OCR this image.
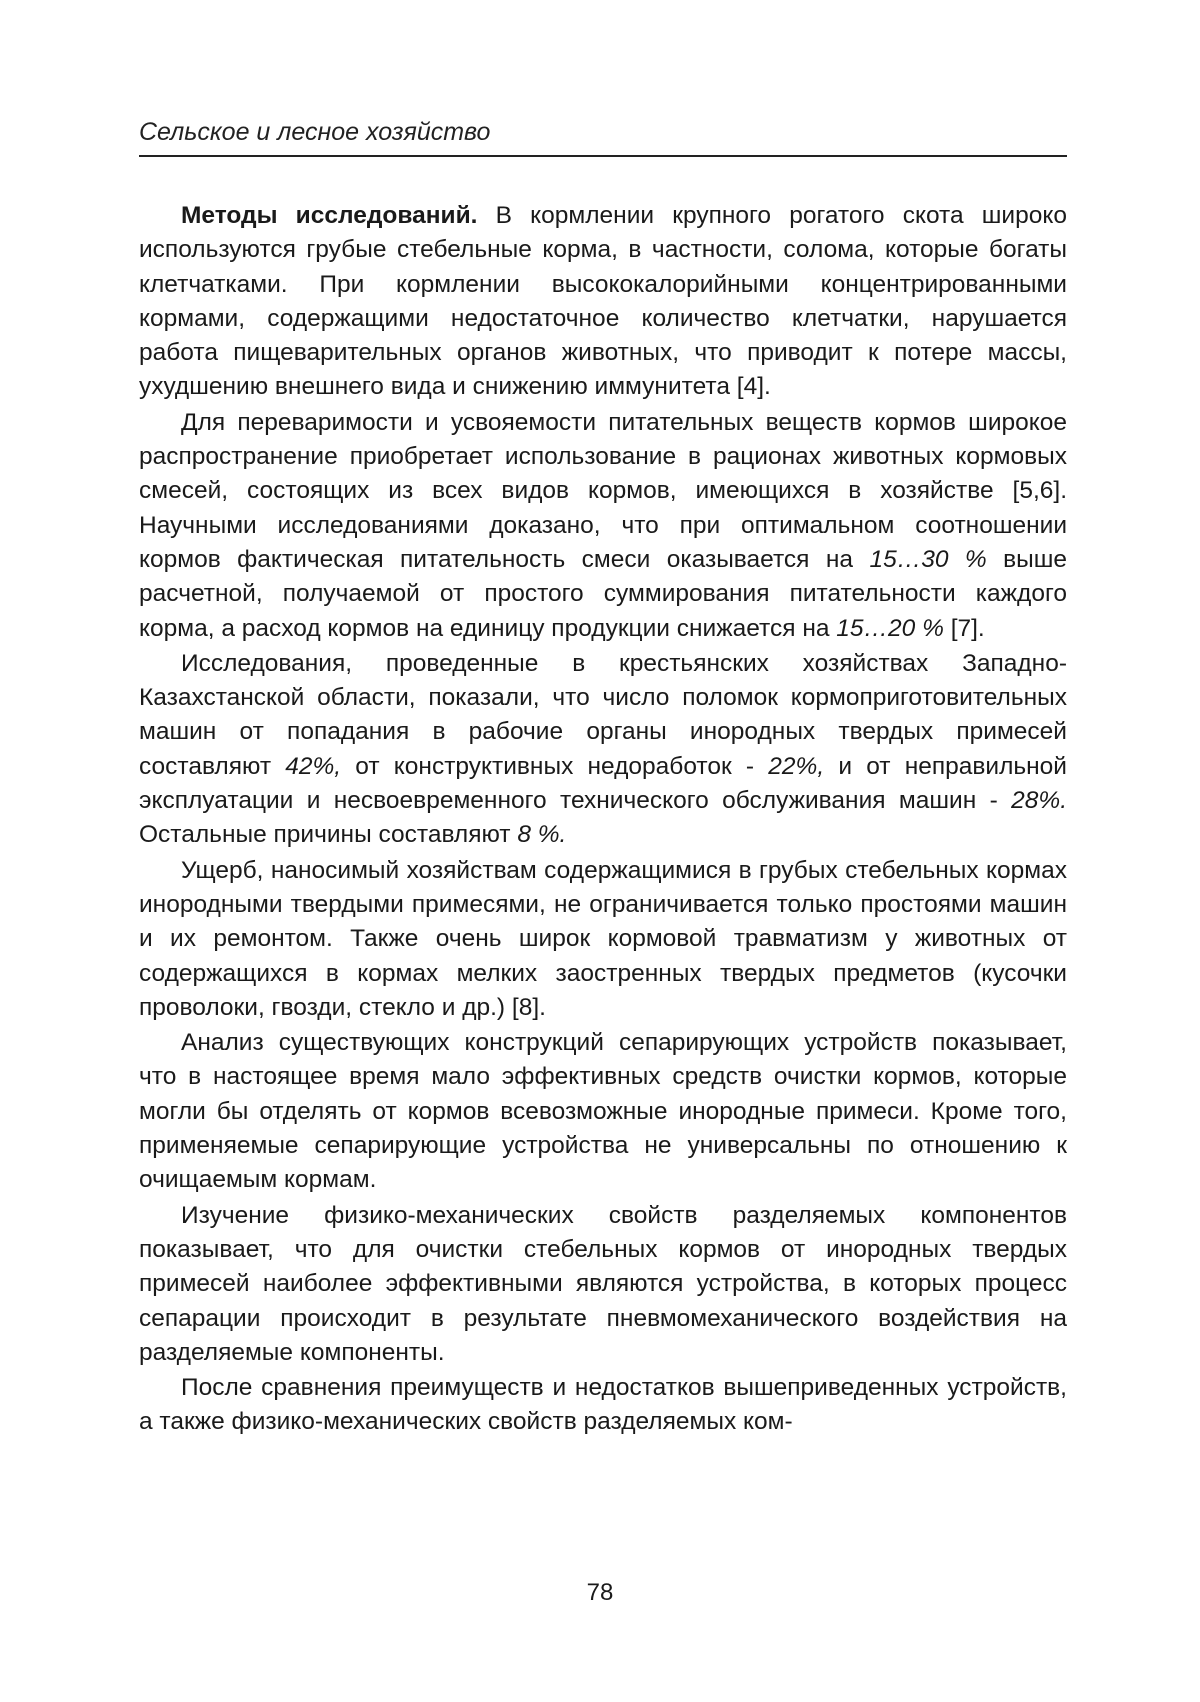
Сельское и лесное хозяйство

Методы исследований. В кормлении крупного рогатого скота широко используются грубые стебельные корма, в частности, солома, которые богаты клетчатками. При кормлении высококалорийными концентрированными кормами, содержащими недостаточное количество клетчатки, нарушается работа пищеварительных органов животных, что приводит к потере массы, ухудшению внешнего вида и снижению иммунитета [4].

Для переваримости и усвояемости питательных веществ кормов широкое распространение приобретает использование в рационах животных кормовых смесей, состоящих из всех видов кормов, имеющихся в хозяйстве [5,6]. Научными исследованиями доказано, что при оптимальном соотношении кормов фактическая питательность смеси оказывается на 15…30 % выше расчетной, получаемой от простого суммирования питательности каждого корма, а расход кормов на единицу продукции снижается на 15…20 % [7].

Исследования, проведенные в крестьянских хозяйствах Западно-Казахстанской области, показали, что число поломок кормоприготовительных машин от попадания в рабочие органы инородных твердых примесей составляют 42%, от конструктивных недоработок - 22%, и от неправильной эксплуатации и несвоевременного технического обслуживания машин - 28%. Остальные причины составляют 8 %.

Ущерб, наносимый хозяйствам содержащимися в грубых стебельных кормах инородными твердыми примесями, не ограничивается только простоями машин и их ремонтом. Также очень широк кормовой травматизм у животных от содержащихся в кормах мелких заостренных твердых предметов (кусочки проволоки, гвозди, стекло и др.) [8].

Анализ существующих конструкций сепарирующих устройств показывает, что в настоящее время мало эффективных средств очистки кормов, которые могли бы отделять от кормов всевозможные инородные примеси. Кроме того, применяемые сепарирующие устройства не универсальны по отношению к очищаемым кормам.

Изучение физико-механических свойств разделяемых компонентов показывает, что для очистки стебельных кормов от инородных твердых примесей наиболее эффективными являются устройства, в которых процесс сепарации происходит в результате пневмомеханического воздействия на разделяемые компоненты.

После сравнения преимуществ и недостатков вышеприведенных устройств, а также физико-механических свойств разделяемых ком-

78
